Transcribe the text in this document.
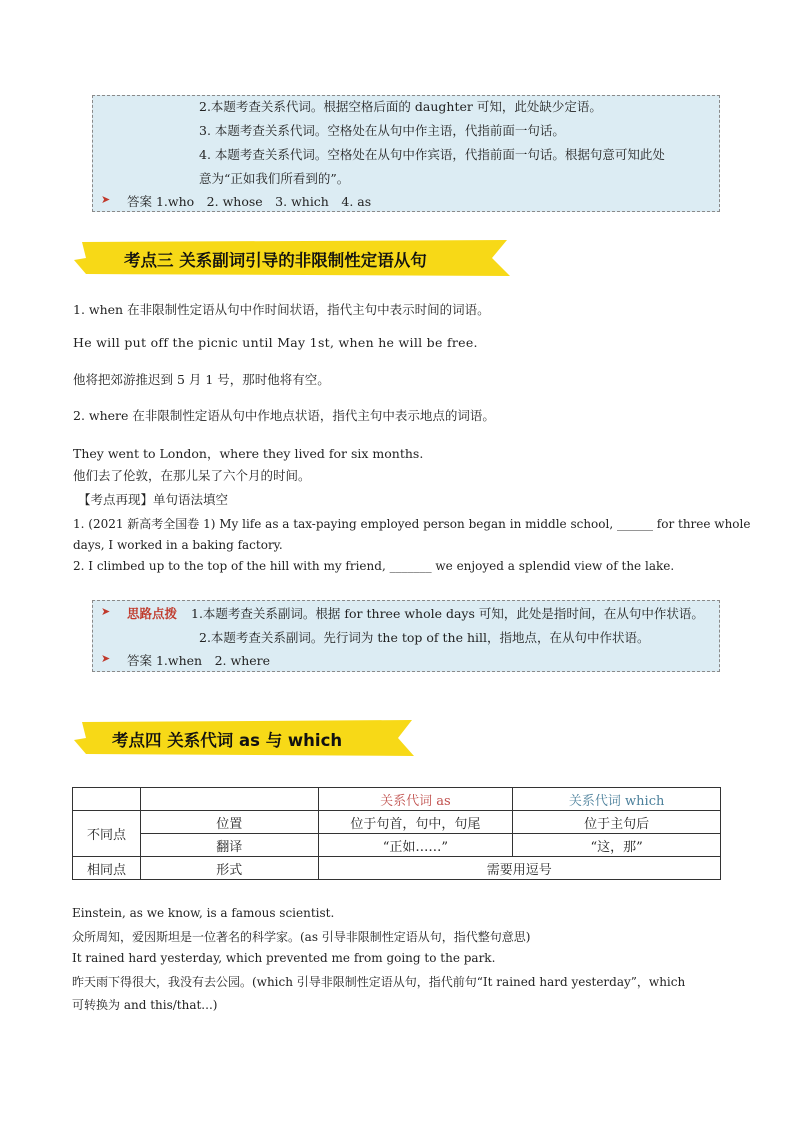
2.本题考查关系代词。根据空格后面的 daughter 可知，此处缺少定语。
3. 本题考查关系代词。空格处在从句中作主语，代指前面一句话。
4. 本题考查关系代词。空格处在从句中作宾语，代指前面一句话。根据句意可知此处
意为“正如我们所看到的”。
➤ 答案 1.who　2. whose　3. which　4. as
考点三 关系副词引导的非限制性定语从句
1. when 在非限制性定语从句中作时间状语，指代主句中表示时间的词语。
He will put off the picnic until May 1st, when he will be free.
他将把郊游推迟到 5 月 1 号，那时他将有空。
2. where 在非限制性定语从句中作地点状语，指代主句中表示地点的词语。
They went to London，where they lived for six months.
他们去了伦敦，在那儿呆了六个月的时间。
【考点再现】单句语法填空
1. (2021 新高考全国卷 1) My life as a tax-paying employed person began in middle school, ______ for three whole
days, I worked in a baking factory.
2. I climbed up to the top of the hill with my friend, _______ we enjoyed a splendid view of the lake.
➤ 思路点拨 1.本题考查关系副词。根据 for three whole days 可知，此处是指时间，在从句中作状语。
2.本题考查关系副词。先行词为 the top of the hill，指地点，在从句中作状语。
➤ 答案 1.when　2. where
考点四 关系代词 as 与 which
		关系代词 as	关系代词 which
不同点	位置	位于句首，句中，句尾	位于主句后
	翻译	“正如……”	“这，那”
相同点	形式	需要用逗号	
Einstein, as we know, is a famous scientist.
众所周知，爱因斯坦是一位著名的科学家。(as 引导非限制性定语从句，指代整句意思)
It rained hard yesterday, which prevented me from going to the park.
昨天雨下得很大，我没有去公园。(which 引导非限制性定语从句，指代前句“It rained hard yesterday”，which
可转换为 and this/that...)
